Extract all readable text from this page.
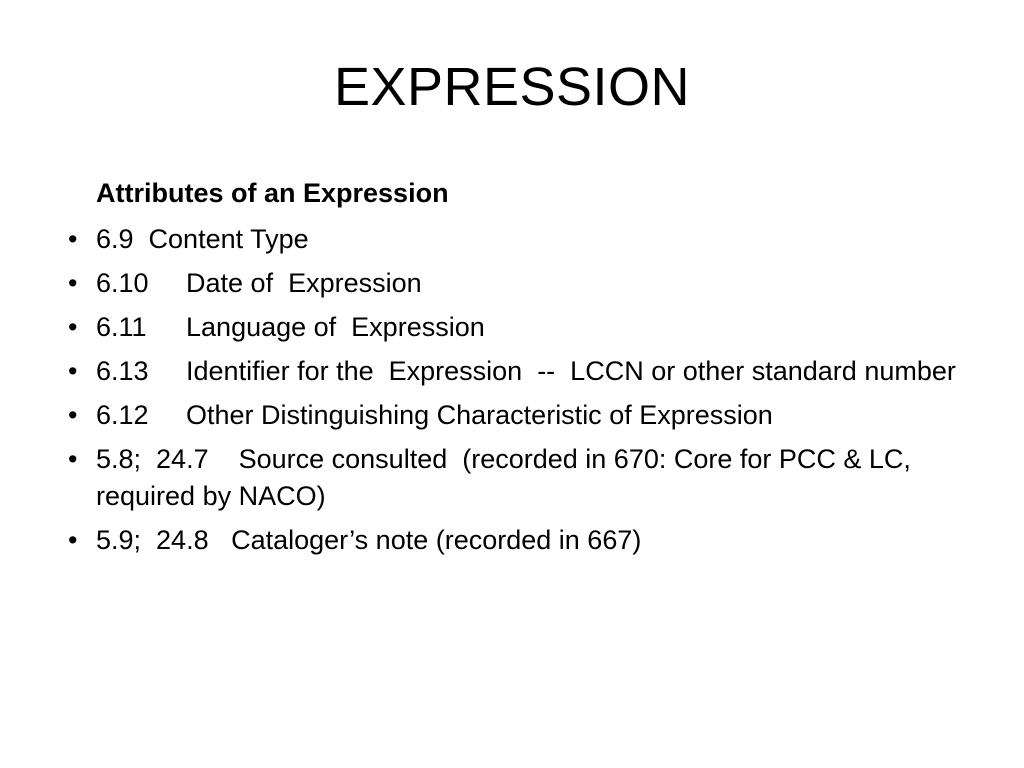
EXPRESSION
Attributes of an Expression
• 6.9  Content Type
• 6.10	Date of  Expression
• 6.11	Language of  Expression
• 6.13	Identifier for the  Expression  --  LCCN or other standard number
• 6.12	Other Distinguishing Characteristic of Expression
• 5.8;  24.7    Source consulted  (recorded in 670: Core for PCC & LC, required by NACO)
• 5.9;  24.8   Cataloger’s note (recorded in 667)
